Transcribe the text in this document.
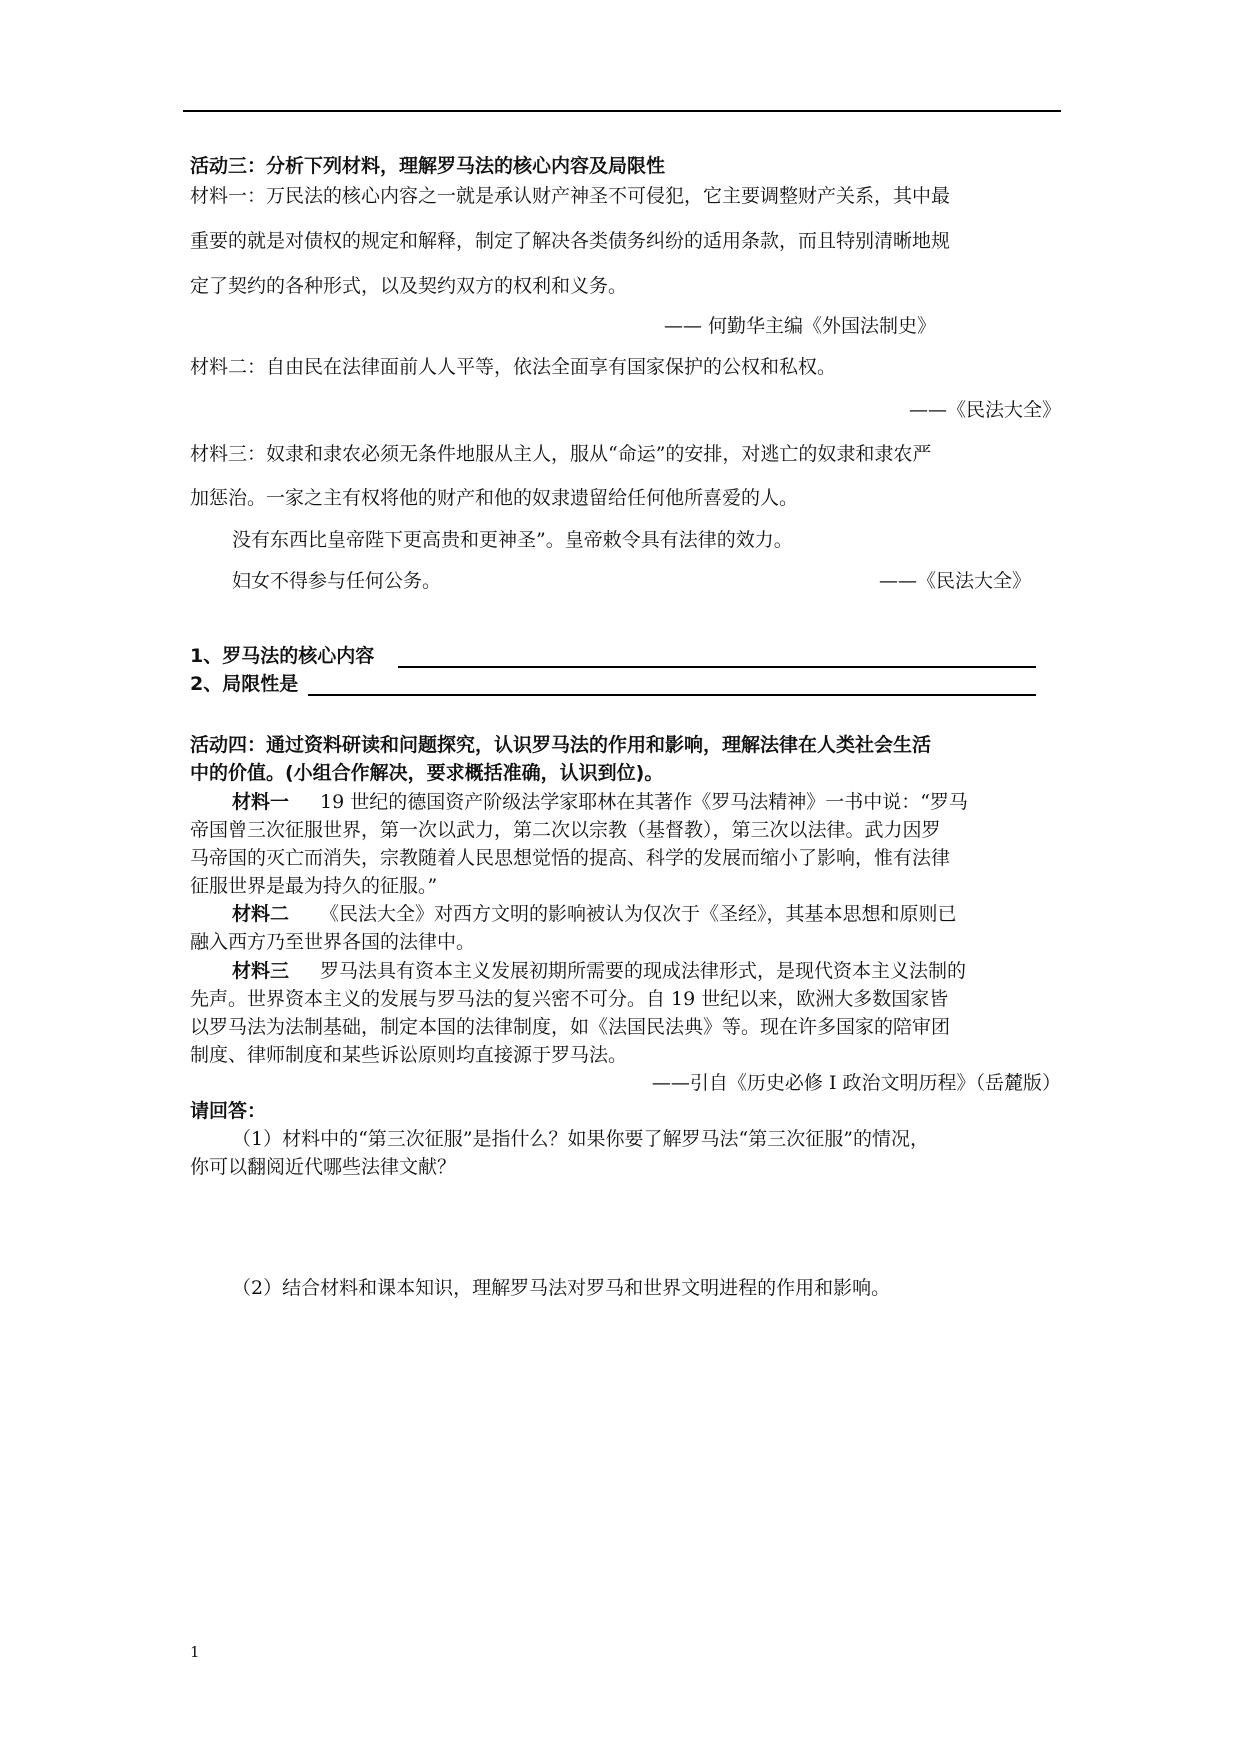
活动三：分析下列材料，理解罗马法的核心内容及局限性
材料一：万民法的核心内容之一就是承认财产神圣不可侵犯，它主要调整财产关系，其中最
重要的就是对债权的规定和解释，制定了解决各类债务纠纷的适用条款，而且特别清晰地规
定了契约的各种形式，以及契约双方的权利和义务。
—— 何勤华主编《外国法制史》
材料二：自由民在法律面前人人平等，依法全面享有国家保护的公权和私权。
——《民法大全》
材料三：奴隶和隶农必须无条件地服从主人，服从“命运”的安排，对逃亡的奴隶和隶农严
加惩治。一家之主有权将他的财产和他的奴隶遗留给任何他所喜爱的人。
没有东西比皇帝陛下更高贵和更神圣”。皇帝敕令具有法律的效力。
妇女不得参与任何公务。	——《民法大全》
1、罗马法的核心内容
2、局限性是
活动四：通过资料研读和问题探究，认识罗马法的作用和影响，理解法律在人类社会生活
中的价值。(小组合作解决，要求概括准确，认识到位)。
材料一 19 世纪的德国资产阶级法学家耶林在其著作《罗马法精神》一书中说：“罗马
帝国曾三次征服世界，第一次以武力，第二次以宗教（基督教），第三次以法律。武力因罗
马帝国的灭亡而消失，宗教随着人民思想觉悟的提高、科学的发展而缩小了影响，惟有法律
征服世界是最为持久的征服。”
材料二 《民法大全》对西方文明的影响被认为仅次于《圣经》，其基本思想和原则已
融入西方乃至世界各国的法律中。
材料三 罗马法具有资本主义发展初期所需要的现成法律形式，是现代资本主义法制的
先声。世界资本主义的发展与罗马法的复兴密不可分。自 19 世纪以来，欧洲大多数国家皆
以罗马法为法制基础，制定本国的法律制度，如《法国民法典》等。现在许多国家的陪审团
制度、律师制度和某些诉讼原则均直接源于罗马法。
——引自《历史必修 I 政治文明历程》（岳麓版）
请回答：
（1）材料中的“第三次征服”是指什么？如果你要了解罗马法“第三次征服”的情况，
你可以翻阅近代哪些法律文献？
（2）结合材料和课本知识，理解罗马法对罗马和世界文明进程的作用和影响。
1
